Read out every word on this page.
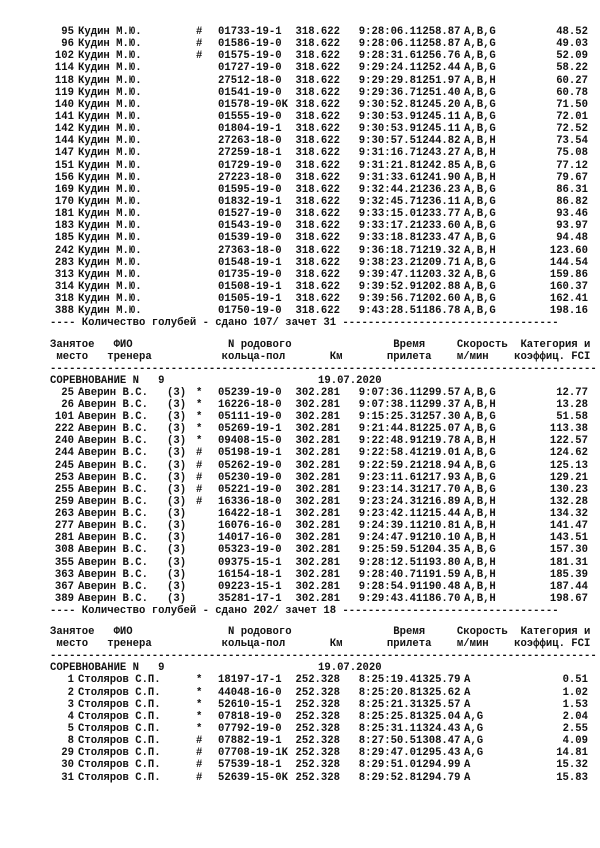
95 Кудин М.Ю.	#	01733-19-1	318.622	9:28:06.1 1258.87 A,B,G	48.52
96 Кудин М.Ю.	#	01586-19-0	318.622	9:28:06.1 1258.87 A,B,G	49.03
102 Кудин М.Ю.	#	01575-19-0	318.622	9:28:31.6 1256.76 A,B,G	52.09
114 Кудин М.Ю.	01727-19-0	318.622	9:29:24.1 1252.44 A,B,G	58.22
118 Кудин М.Ю.	27512-18-0	318.622	9:29:29.8 1251.97 A,B,H	60.27
119 Кудин М.Ю.	01541-19-0	318.622	9:29:36.7 1251.40 A,B,G	60.78
140 Кудин М.Ю.	01578-19-0K 318.622	9:30:52.8 1245.20 A,B,G	71.50
141 Кудин М.Ю.	01555-19-0	318.622	9:30:53.9 1245.11 A,B,G	72.01
142 Кудин М.Ю.	01804-19-1	318.622	9:30:53.9 1245.11 A,B,G	72.52
144 Кудин М.Ю.	27263-18-0	318.622	9:30:57.5 1244.82 A,B,H	73.54
147 Кудин М.Ю.	27259-18-1	318.622	9:31:16.7 1243.27 A,B,H	75.08
151 Кудин М.Ю.	01729-19-0	318.622	9:31:21.8 1242.85 A,B,G	77.12
156 Кудин М.Ю.	27223-18-0	318.622	9:31:33.6 1241.90 A,B,H	79.67
169 Кудин М.Ю.	01595-19-0	318.622	9:32:44.2 1236.23 A,B,G	86.31
170 Кудин М.Ю.	01832-19-1	318.622	9:32:45.7 1236.11 A,B,G	86.82
181 Кудин М.Ю.	01527-19-0	318.622	9:33:15.0 1233.77 A,B,G	93.46
183 Кудин М.Ю.	01543-19-0	318.622	9:33:17.2 1233.60 A,B,G	93.97
185 Кудин М.Ю.	01539-19-0	318.622	9:33:18.8 1233.47 A,B,G	94.48
242 Кудин М.Ю.	27363-18-0	318.622	9:36:18.7 1219.32 A,B,H	123.60
283 Кудин М.Ю.	01548-19-1	318.622	9:38:23.2 1209.71 A,B,G	144.54
313 Кудин М.Ю.	01735-19-0	318.622	9:39:47.1 1203.32 A,B,G	159.86
314 Кудин М.Ю.	01508-19-1	318.622	9:39:52.9 1202.88 A,B,G	160.37
318 Кудин М.Ю.	01505-19-1	318.622	9:39:56.7 1202.60 A,B,G	162.41
388 Кудин М.Ю.	01750-19-0	318.622	9:43:28.5 1186.78 A,B,G	198.16
---- Количество голубей - сдано 107/ зачет 31 ----------------------------------
Занятое   ФИО               N родового                Время     Скорость  Категория и
место   тренера           кольца-пол       Км       прилета    м/мин    коэффиц. FCI
--------------------------------------------------------------------------------------

СОРЕВНОВАНИЕ N   9

	19.07.2020

25 Аверин В.С.	(3) *	05239-19-0	302.281	9:07:36.1 1299.57 A,B,G	12.77
26 Аверин В.С.	(3) *	16226-18-0	302.281	9:07:38.1 1299.37 A,B,H	13.28
101 Аверин В.С.	(3) *	05111-19-0	302.281	9:15:25.3 1257.30 A,B,G	51.58
222 Аверин В.С.	(3) *	05269-19-1	302.281	9:21:44.8 1225.07 A,B,G	113.38
240 Аверин В.С.	(3) *	09408-15-0	302.281	9:22:48.9 1219.78 A,B,H	122.57
244 Аверин В.С.	(3) #	05198-19-1	302.281	9:22:58.4 1219.01 A,B,G	124.62
245 Аверин В.С.	(3) #	05262-19-0	302.281	9:22:59.2 1218.94 A,B,G	125.13
253 Аверин В.С.	(3) #	05230-19-0	302.281	9:23:11.6 1217.93 A,B,G	129.21
255 Аверин В.С.	(3) #	05221-19-0	302.281	9:23:14.3 1217.70 A,B,G	130.23
259 Аверин В.С.	(3) #	16336-18-0	302.281	9:23:24.3 1216.89 A,B,H	132.28
263 Аверин В.С.	(3)	16422-18-1	302.281	9:23:42.1 1215.44 A,B,H	134.32
277 Аверин В.С.	(3)	16076-16-0	302.281	9:24:39.1 1210.81 A,B,H	141.47
281 Аверин В.С.	(3)	14017-16-0	302.281	9:24:47.9 1210.10 A,B,H	143.51
308 Аверин В.С.	(3)	05323-19-0	302.281	9:25:59.5 1204.35 A,B,G	157.30
355 Аверин В.С.	(3)	09375-15-1	302.281	9:28:12.5 1193.80 A,B,H	181.31
363 Аверин В.С.	(3)	16154-18-1	302.281	9:28:40.7 1191.59 A,B,H	185.39
367 Аверин В.С.	(3)	09223-15-1	302.281	9:28:54.9 1190.48 A,B,H	187.44
389 Аверин В.С.	(3)	35281-17-1	302.281	9:29:43.4 1186.70 A,B,H	198.67
---- Количество голубей - сдано 202/ зачет 18 ----------------------------------
Занятое   ФИО               N родового                Время     Скорость  Категория и
место   тренера           кольца-пол       Км       прилета    м/мин    коэффиц. FCI
--------------------------------------------------------------------------------------

СОРЕВНОВАНИЕ N   9

	19.07.2020

1 Столяров С.П.	*	18197-17-1	252.328	8:25:19.4 1325.79 A	0.51
2 Столяров С.П.	*	44048-16-0	252.328	8:25:20.8 1325.62 A	1.02
3 Столяров С.П.	*	52610-15-1	252.328	8:25:21.3 1325.57 A	1.53
4 Столяров С.П.	*	07818-19-0	252.328	8:25:25.8 1325.04 A,G	2.04
5 Столяров С.П.	*	07792-19-0	252.328	8:25:31.1 1324.43 A,G	2.55
8 Столяров С.П.	#	07882-19-1	252.328	8:27:50.5 1308.47 A,G	4.09
29 Столяров С.П.	#	07708-19-1K 252.328	8:29:47.0 1295.43 A,G	14.81
30 Столяров С.П.	#	57539-18-1	252.328	8:29:51.0 1294.99 A	15.32
31 Столяров С.П.	#	52639-15-0K 252.328	8:29:52.8 1294.79 A	15.83
